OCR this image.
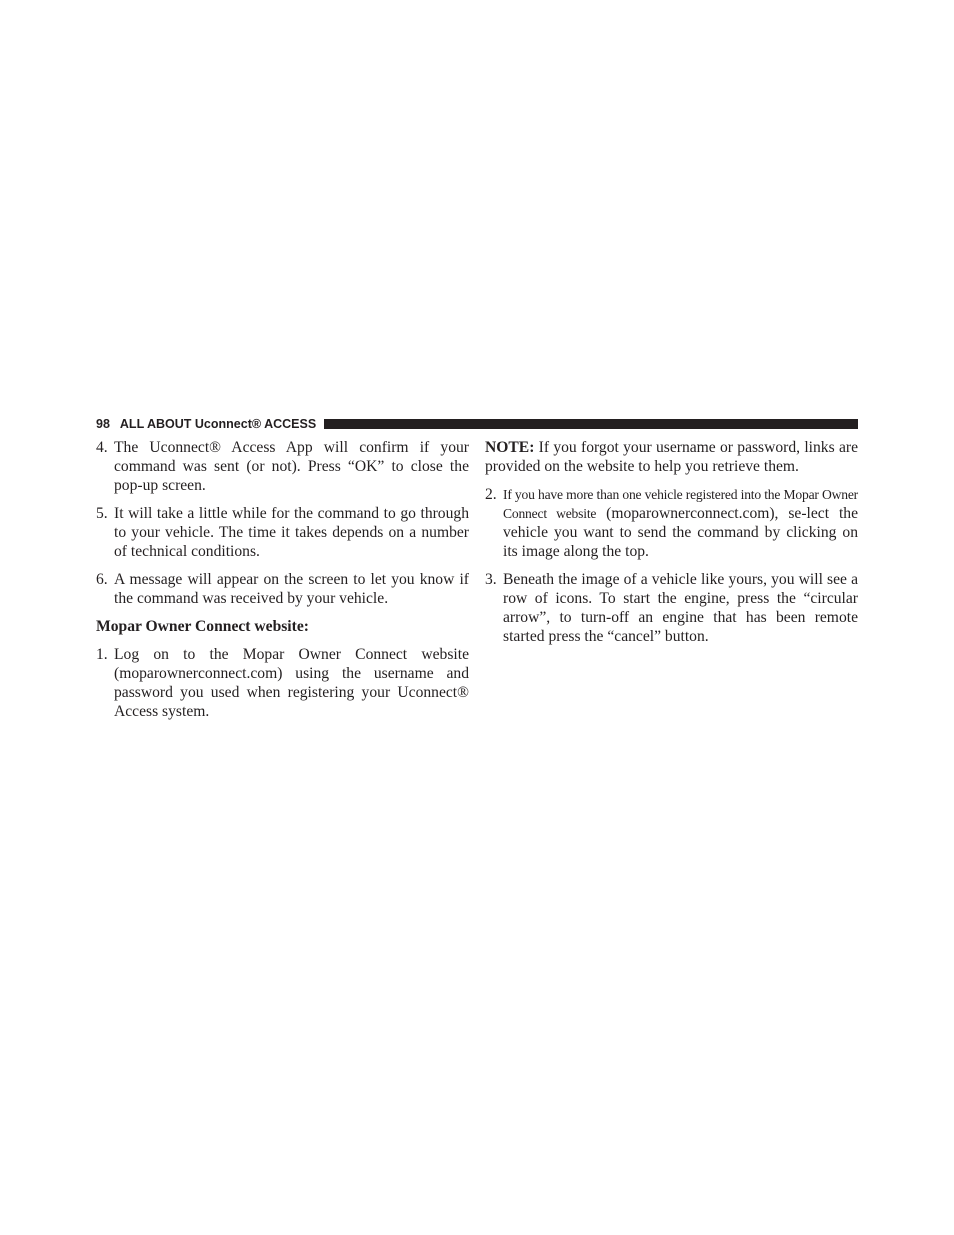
98 ALL ABOUT Uconnect® ACCESS
4. The Uconnect® Access App will confirm if your command was sent (or not). Press “OK” to close the pop-up screen.
5. It will take a little while for the command to go through to your vehicle. The time it takes depends on a number of technical conditions.
6. A message will appear on the screen to let you know if the command was received by your vehicle.
Mopar Owner Connect website:
1. Log on to the Mopar Owner Connect website (moparownerconnect.com) using the username and password you used when registering your Uconnect® Access system.
NOTE: If you forgot your username or password, links are provided on the website to help you retrieve them.
2. If you have more than one vehicle registered into the Mopar Owner Connect website (moparownerconnect.com), se-lect the vehicle you want to send the command by clicking on its image along the top.
3. Beneath the image of a vehicle like yours, you will see a row of icons. To start the engine, press the “circular arrow”, to turn-off an engine that has been remote started press the “cancel” button.
